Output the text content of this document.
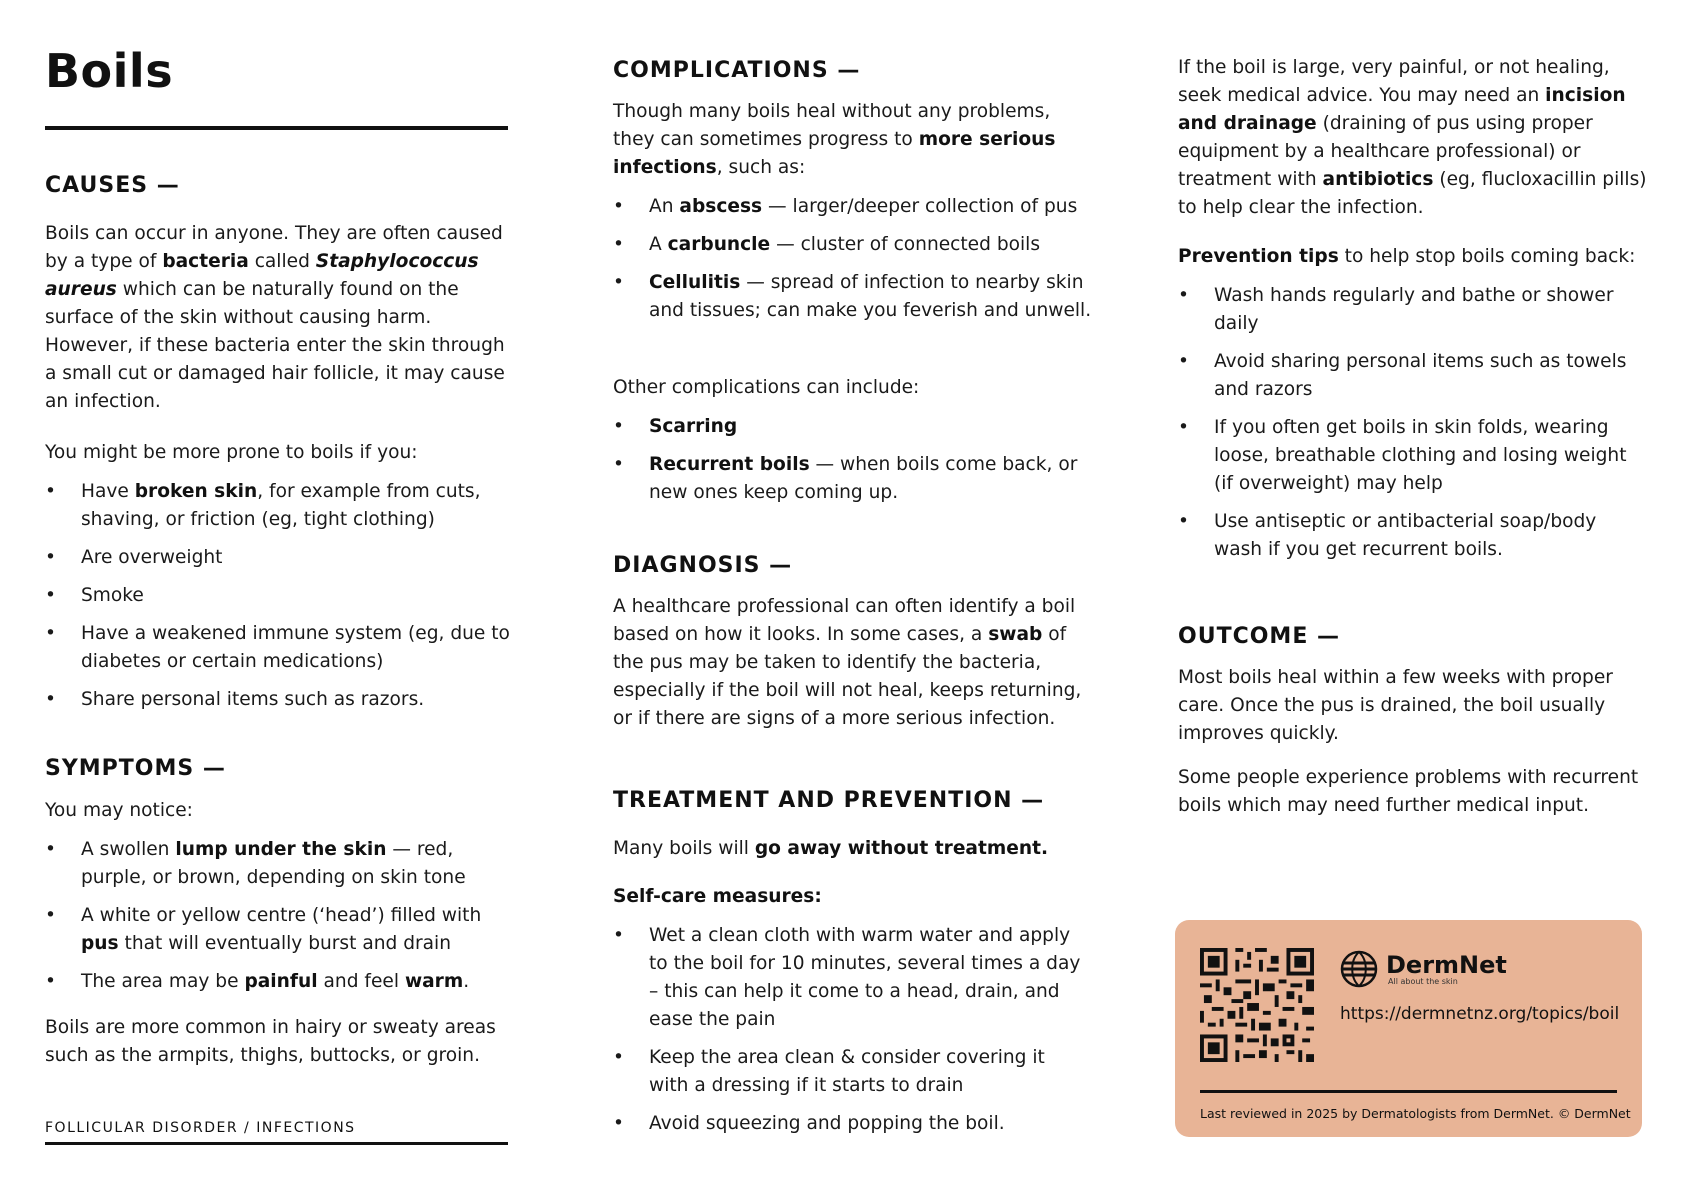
Boils
CAUSES —

Boils can occur in anyone. They are often caused by a type of bacteria called Staphylococcus aureus which can be naturally found on the surface of the skin without causing harm. However, if these bacteria enter the skin through a small cut or damaged hair follicle, it may cause an infection.

You might be more prone to boils if you:

• Have broken skin, for example from cuts, shaving, or friction (eg, tight clothing)
• Are overweight
• Smoke
• Have a weakened immune system (eg, due to diabetes or certain medications)
• Share personal items such as razors.
SYMPTOMS —

You may notice:

• A swollen lump under the skin — red, purple, or brown, depending on skin tone
• A white or yellow centre (‘head’) filled with pus that will eventually burst and drain
• The area may be painful and feel warm.

Boils are more common in hairy or sweaty areas such as the armpits, thighs, buttocks, or groin.

FOLLICULAR DISORDER / INFECTIONS
COMPLICATIONS —

Though many boils heal without any problems, they can sometimes progress to more serious infections, such as:

• An abscess — larger/deeper collection of pus
• A carbuncle — cluster of connected boils
• Cellulitis — spread of infection to nearby skin and tissues; can make you feverish and unwell.

Other complications can include:

• Scarring
• Recurrent boils — when boils come back, or new ones keep coming up.
DIAGNOSIS —

A healthcare professional can often identify a boil based on how it looks. In some cases, a swab of the pus may be taken to identify the bacteria, especially if the boil will not heal, keeps returning, or if there are signs of a more serious infection.

TREATMENT AND PREVENTION —

Many boils will go away without treatment.

Self-care measures:

• Wet a clean cloth with warm water and apply to the boil for 10 minutes, several times a day – this can help it come to a head, drain, and ease the pain
• Keep the area clean & consider covering it with a dressing if it starts to drain
• Avoid squeezing and popping the boil.

If the boil is large, very painful, or not healing, seek medical advice. You may need an incision and drainage (draining of pus using proper equipment by a healthcare professional) or treatment with antibiotics (eg, flucloxacillin pills) to help clear the infection.

Prevention tips to help stop boils coming back:

• Wash hands regularly and bathe or shower daily
• Avoid sharing personal items such as towels and razors
• If you often get boils in skin folds, wearing loose, breathable clothing and losing weight (if overweight) may help
• Use antiseptic or antibacterial soap/body wash if you get recurrent boils.
OUTCOME —

Most boils heal within a few weeks with proper care. Once the pus is drained, the boil usually improves quickly.

Some people experience problems with recurrent boils which may need further medical input.

DermNet
All about the skin
https://dermnetnz.org/topics/boil
Last reviewed in 2025 by Dermatologists from DermNet. © DermNet
